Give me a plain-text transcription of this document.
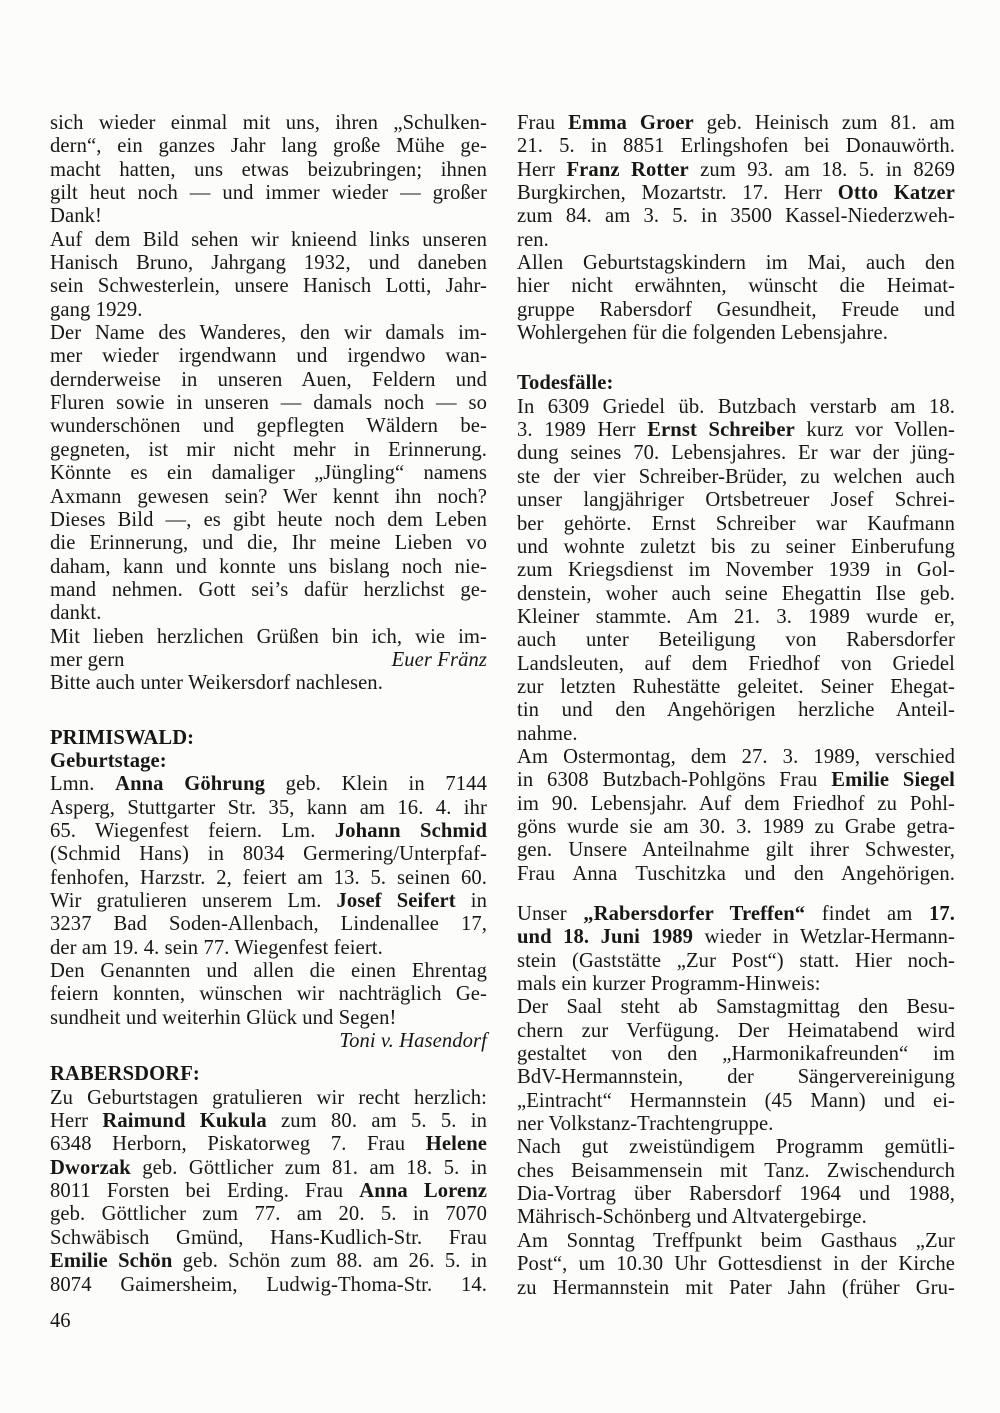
sich wieder einmal mit uns, ihren „Schulken-
dern“, ein ganzes Jahr lang große Mühe ge-
macht hatten, uns etwas beizubringen; ihnen
gilt heut noch — und immer wieder — großer
Dank!
Auf dem Bild sehen wir knieend links unseren
Hanisch Bruno, Jahrgang 1932, und daneben
sein Schwesterlein, unsere Hanisch Lotti, Jahr-
gang 1929.
Der Name des Wanderes, den wir damals im-
mer wieder irgendwann und irgendwo wan-
dernderweise in unseren Auen, Feldern und
Fluren sowie in unseren — damals noch — so
wunderschönen und gepflegten Wäldern be-
gegneten, ist mir nicht mehr in Erinnerung.
Könnte es ein damaliger „Jüngling“ namens
Axmann gewesen sein? Wer kennt ihn noch?
Dieses Bild —, es gibt heute noch dem Leben
die Erinnerung, und die, Ihr meine Lieben vo
daham, kann und konnte uns bislang noch nie-
mand nehmen. Gott sei’s dafür herzlichst ge-
dankt.
Mit lieben herzlichen Grüßen bin ich, wie im-
mer gern	Euer Fränz
Bitte auch unter Weikersdorf nachlesen.
PRIMISWALD:
Geburtstage:
Lmn. Anna Göhrung geb. Klein in 7144
Asperg, Stuttgarter Str. 35, kann am 16. 4. ihr
65. Wiegenfest feiern. Lm. Johann Schmid
(Schmid Hans) in 8034 Germering/Unterpfaf-
fenhofen, Harzstr. 2, feiert am 13. 5. seinen 60.
Wir gratulieren unserem Lm. Josef Seifert in
3237 Bad Soden-Allenbach, Lindenallee 17,
der am 19. 4. sein 77. Wiegenfest feiert.
Den Genannten und allen die einen Ehrentag
feiern konnten, wünschen wir nachträglich Ge-
sundheit und weiterhin Glück und Segen!
Toni v. Hasendorf
RABERSDORF:
Zu Geburtstagen gratulieren wir recht herzlich:
Herr Raimund Kukula zum 80. am 5. 5. in
6348 Herborn, Piskatorweg 7. Frau Helene
Dworzak geb. Göttlicher zum 81. am 18. 5. in
8011 Forsten bei Erding. Frau Anna Lorenz
geb. Göttlicher zum 77. am 20. 5. in 7070
Schwäbisch Gmünd, Hans-Kudlich-Str. Frau
Emilie Schön geb. Schön zum 88. am 26. 5. in
8074 Gaimersheim, Ludwig-Thoma-Str. 14.
Frau Emma Groer geb. Heinisch zum 81. am
21. 5. in 8851 Erlingshofen bei Donauwörth.
Herr Franz Rotter zum 93. am 18. 5. in 8269
Burgkirchen, Mozartstr. 17. Herr Otto Katzer
zum 84. am 3. 5. in 3500 Kassel-Niederzweh-
ren.
Allen Geburtstagskindern im Mai, auch den
hier nicht erwähnten, wünscht die Heimat-
gruppe Rabersdorf Gesundheit, Freude und
Wohlergehen für die folgenden Lebensjahre.
Todesfälle:
In 6309 Griedel üb. Butzbach verstarb am 18.
3. 1989 Herr Ernst Schreiber kurz vor Vollen-
dung seines 70. Lebensjahres. Er war der jüng-
ste der vier Schreiber-Brüder, zu welchen auch
unser langjähriger Ortsbetreuer Josef Schrei-
ber gehörte. Ernst Schreiber war Kaufmann
und wohnte zuletzt bis zu seiner Einberufung
zum Kriegsdienst im November 1939 in Gol-
denstein, woher auch seine Ehegattin Ilse geb.
Kleiner stammte. Am 21. 3. 1989 wurde er,
auch unter Beteiligung von Rabersdorfer
Landsleuten, auf dem Friedhof von Griedel
zur letzten Ruhestätte geleitet. Seiner Ehegat-
tin und den Angehörigen herzliche Anteil-
nahme.
Am Ostermontag, dem 27. 3. 1989, verschied
in 6308 Butzbach-Pohlgöns Frau Emilie Siegel
im 90. Lebensjahr. Auf dem Friedhof zu Pohl-
göns wurde sie am 30. 3. 1989 zu Grabe getra-
gen. Unsere Anteilnahme gilt ihrer Schwester,
Frau Anna Tuschitzka und den Angehörigen.
Unser „Rabersdorfer Treffen“ findet am 17.
und 18. Juni 1989 wieder in Wetzlar-Hermann-
stein (Gaststätte „Zur Post“) statt. Hier noch-
mals ein kurzer Programm-Hinweis:
Der Saal steht ab Samstagmittag den Besu-
chern zur Verfügung. Der Heimatabend wird
gestaltet von den „Harmonikafreunden“ im
BdV-Hermannstein, der Sängervereinigung
„Eintracht“ Hermannstein (45 Mann) und ei-
ner Volkstanz-Trachtengruppe.
Nach gut zweistündigem Programm gemütli-
ches Beisammensein mit Tanz. Zwischendurch
Dia-Vortrag über Rabersdorf 1964 und 1988,
Mährisch-Schönberg und Altvatergebirge.
Am Sonntag Treffpunkt beim Gasthaus „Zur
Post“, um 10.30 Uhr Gottesdienst in der Kirche
zu Hermannstein mit Pater Jahn (früher Gru-
46
